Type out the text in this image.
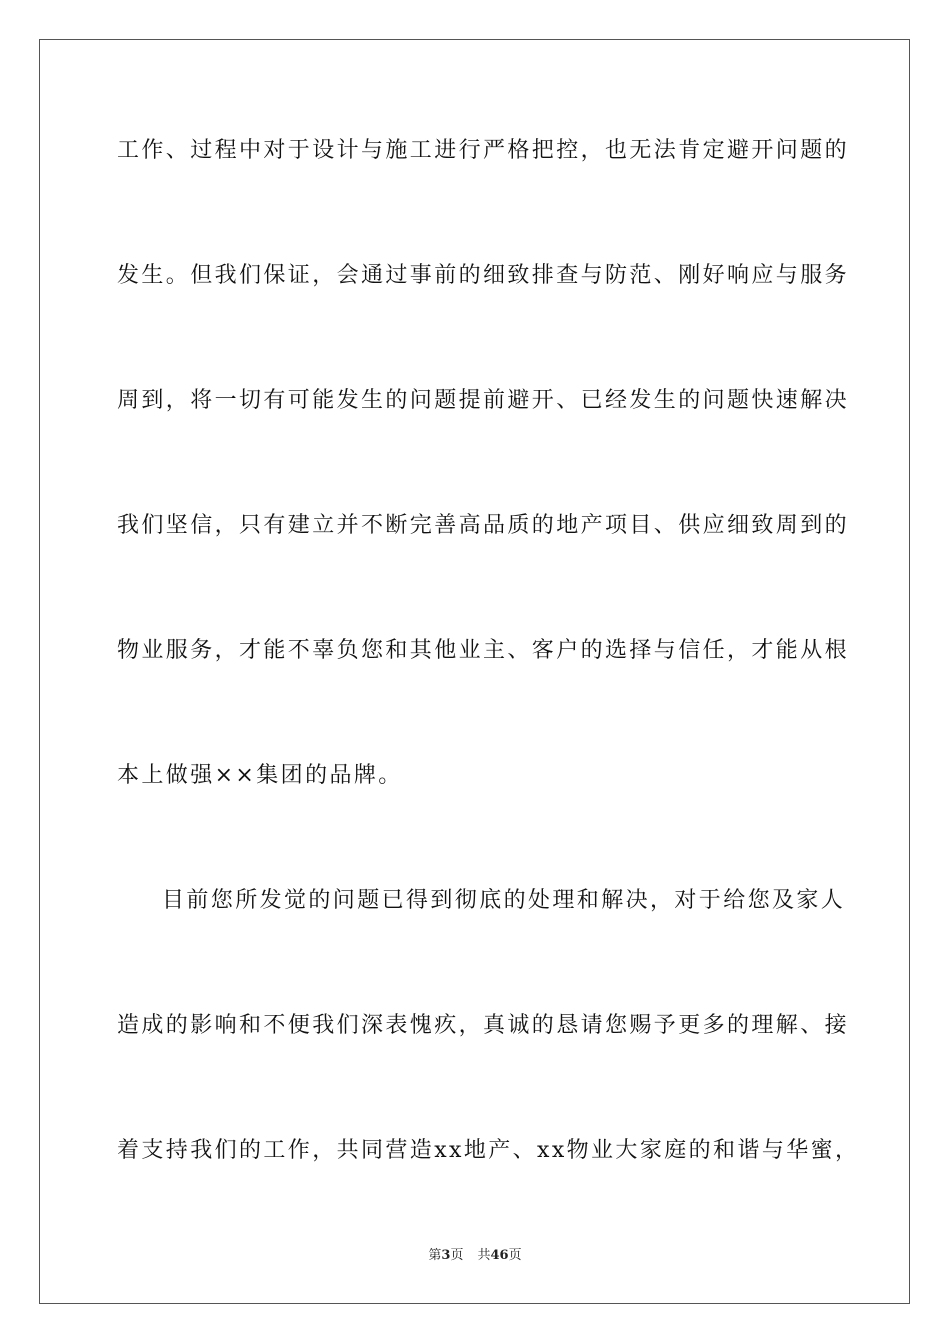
工作、过程中对于设计与施工进行严格把控，也无法肯定避开问题的
发生。但我们保证，会通过事前的细致排查与防范、刚好响应与服务
周到，将一切有可能发生的问题提前避开、已经发生的问题快速解决
我们坚信，只有建立并不断完善高品质的地产项目、供应细致周到的
物业服务，才能不辜负您和其他业主、客户的选择与信任，才能从根
本上做强××集团的品牌。
目前您所发觉的问题已得到彻底的处理和解决，对于给您及家人
造成的影响和不便我们深表愧疚，真诚的恳请您赐予更多的理解、接
着支持我们的工作，共同营造xx地产、xx物业大家庭的和谐与华蜜，
第3页 共46页
